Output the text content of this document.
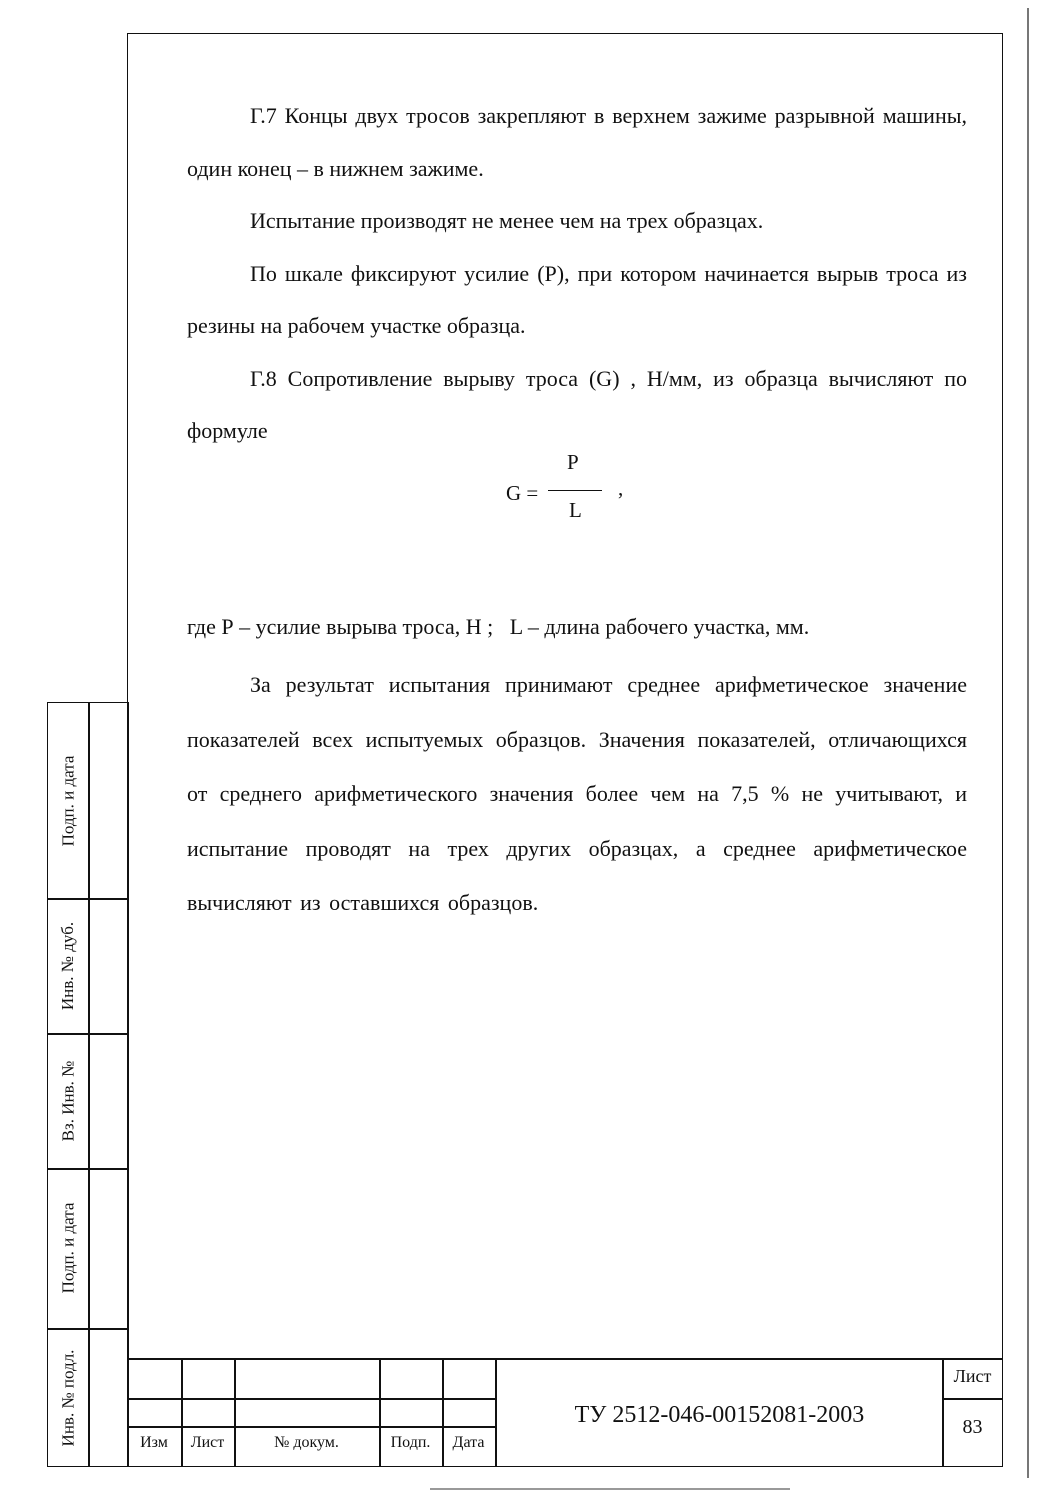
Г.7 Концы двух тросов закрепляют в верхнем зажиме разрывной машины, один конец – в нижнем зажиме.

Испытание производят не менее чем на трех образцах.

По шкале фиксируют усилие (Р), при котором начинается вырыв троса из резины на рабочем участке образца.

Г.8 Сопротивление вырыву троса (G) , Н/мм, из образца вычисляют по формуле

G =
P
L
,
где Р – усилие вырыва троса, Н ;   L – длина рабочего участка, мм.

За результат испытания принимают среднее арифметическое значение показателей всех испытуемых образцов. Значения показателей, отличающихся от среднего арифметического значения более чем на 7,5 % не учитывают, и испытание проводят на трех других образцах, а среднее арифметическое вычисляют из оставшихся образцов.

Подп. и дата
Инв. № дуб.
Вз. Инв. №
Подп. и дата
Инв. № подл.	Изм	Лист	№ докум.	Подп.	Дата
ТУ 2512-046-00152081-2003
Лист
83
